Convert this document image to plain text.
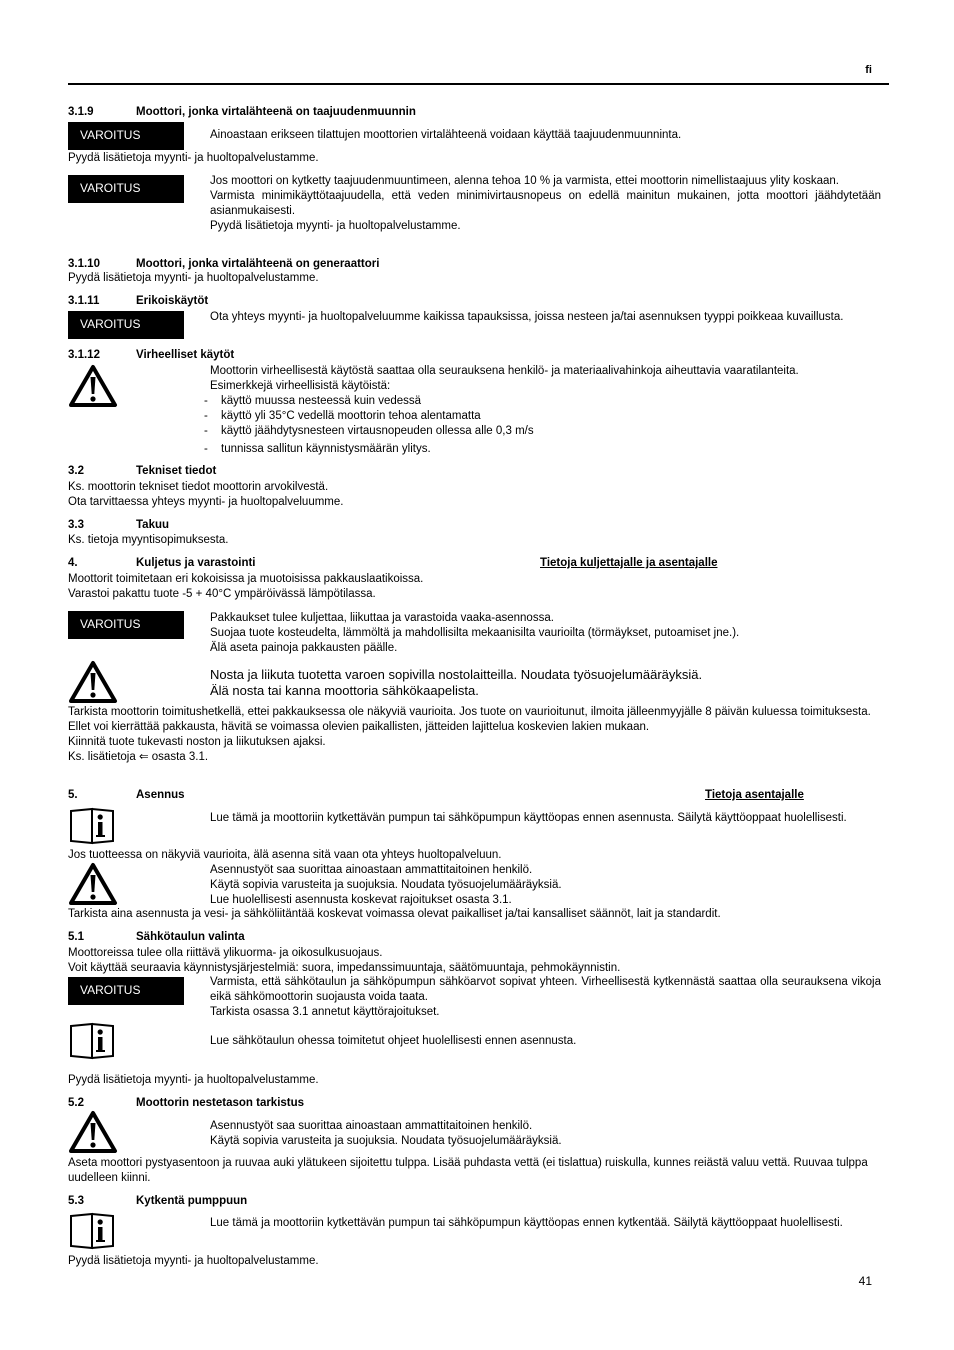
fi
3.1.9	Moottori, jonka virtalähteenä on taajuudenmuunnin
VAROITUS	Ainoastaan erikseen tilattujen moottorien virtalähteenä voidaan käyttää taajuudenmuunninta.
Pyydä lisätietoja myynti- ja huoltopalvelustamme.
VAROITUS	Jos moottori on kytketty taajuudenmuuntimeen, alenna tehoa 10 % ja varmista, ettei moottorin nimellistaajuus ylity koskaan.
Varmista minimikäyttötaajuudella, että veden minimivirtausnopeus on edellä mainitun mukainen, jotta moottori jäähdytetään asianmukaisesti.
Pyydä lisätietoja myynti- ja huoltopalvelustamme.
3.1.10	Moottori, jonka virtalähteenä on generaattori
Pyydä lisätietoja myynti- ja huoltopalvelustamme.
3.1.11	Erikoiskäytöt
VAROITUS	Ota yhteys myynti- ja huoltopalveluumme kaikissa tapauksissa, joissa nesteen ja/tai asennuksen tyyppi poikkeaa kuvaillusta.
3.1.12	Virheelliset käytöt
Moottorin virheellisestä käytöstä saattaa olla seurauksena henkilö- ja materiaalivahinkoja aiheuttavia vaaratilanteita.
Esimerkkejä virheellisistä käytöistä:
- käyttö muussa nesteessä kuin vedessä
- käyttö yli 35°C vedellä moottorin tehoa alentamatta
- käyttö jäähdytysnesteen virtausnopeuden ollessa alle 0,3 m/s
- tunnissa sallitun käynnistysmäärän ylitys.
3.2	Tekniset tiedot
Ks. moottorin tekniset tiedot moottorin arvokilvestä.
Ota tarvittaessa yhteys myynti- ja huoltopalveluumme.
3.3	Takuu
Ks. tietoja myyntisopimuksesta.
4.	Kuljetus ja varastointi	Tietoja kuljettajalle ja asentajalle
Moottorit toimitetaan eri kokoisissa ja muotoisissa pakkauslaatikoissa.
Varastoi pakattu tuote -5 + 40°C ympäröivässä lämpötilassa.
VAROITUS	Pakkaukset tulee kuljettaa, liikuttaa ja varastoida vaaka-asennossa.
Suojaa tuote kosteudelta, lämmöltä ja mahdollisilta mekaanisilta vaurioilta (törmäykset, putoamiset jne.).
Älä aseta painoja pakkausten päälle.
Nosta ja liikuta tuotetta varoen sopivilla nostolaitteilla. Noudata työsuojelumääräyksiä.
Älä nosta tai kanna moottoria sähkökaapelista.
Tarkista moottorin toimitushetkellä, ettei pakkauksessa ole näkyviä vaurioita. Jos tuote on vaurioitunut, ilmoita jälleenmyyjälle 8 päivän kuluessa toimituksesta.
Ellet voi kierrättää pakkausta, hävitä se voimassa olevien paikallisten, jätteiden lajittelua koskevien lakien mukaan.
Kiinnitä tuote tukevasti noston ja liikutuksen ajaksi.
Ks. lisätietoja ⇐ osasta 3.1.
5.	Asennus	Tietoja asentajalle
Lue tämä ja moottoriin kytkettävän pumpun tai sähköpumpun käyttöopas ennen asennusta. Säilytä käyttöoppaat huolellisesti.
Jos tuotteessa on näkyviä vaurioita, älä asenna sitä vaan ota yhteys huoltopalveluun.
Asennustyöt saa suorittaa ainoastaan ammattitaitoinen henkilö.
Käytä sopivia varusteita ja suojuksia. Noudata työsuojelumääräyksiä.
Lue huolellisesti asennusta koskevat rajoitukset osasta 3.1.
Tarkista aina asennusta ja vesi- ja sähköliitäntää koskevat voimassa olevat paikalliset ja/tai kansalliset säännöt, lait ja standardit.
5.1	Sähkötaulun valinta
Moottoreissa tulee olla riittävä ylikuorma- ja oikosulkusuojaus.
Voit käyttää seuraavia käynnistysjärjestelmiä: suora, impedanssimuuntaja, säätömuuntaja, pehmokäynnistin.
VAROITUS
Varmista, että sähkötaulun ja sähköpumpun sähköarvot sopivat yhteen. Virheellisestä kytkennästä saattaa olla seurauksena vikoja eikä sähkömoottorin suojausta voida taata.
Tarkista osassa 3.1 annetut käyttörajoitukset.
Lue sähkötaulun ohessa toimitetut ohjeet huolellisesti ennen asennusta.
Pyydä lisätietoja myynti- ja huoltopalvelustamme.
5.2	Moottorin nestetason tarkistus
Asennustyöt saa suorittaa ainoastaan ammattitaitoinen henkilö.
Käytä sopivia varusteita ja suojuksia. Noudata työsuojelumääräyksiä.
Aseta moottori pystyasentoon ja ruuvaa auki ylätukeen sijoitettu tulppa. Lisää puhdasta vettä (ei tislattua) ruiskulla, kunnes reiästä valuu vettä. Ruuvaa tulppa uudelleen kiinni.
5.3	Kytkentä pumppuun
Lue tämä ja moottoriin kytkettävän pumpun tai sähköpumpun käyttöopas ennen kytkentää. Säilytä käyttöoppaat huolellisesti.
Pyydä lisätietoja myynti- ja huoltopalvelustamme.
41
